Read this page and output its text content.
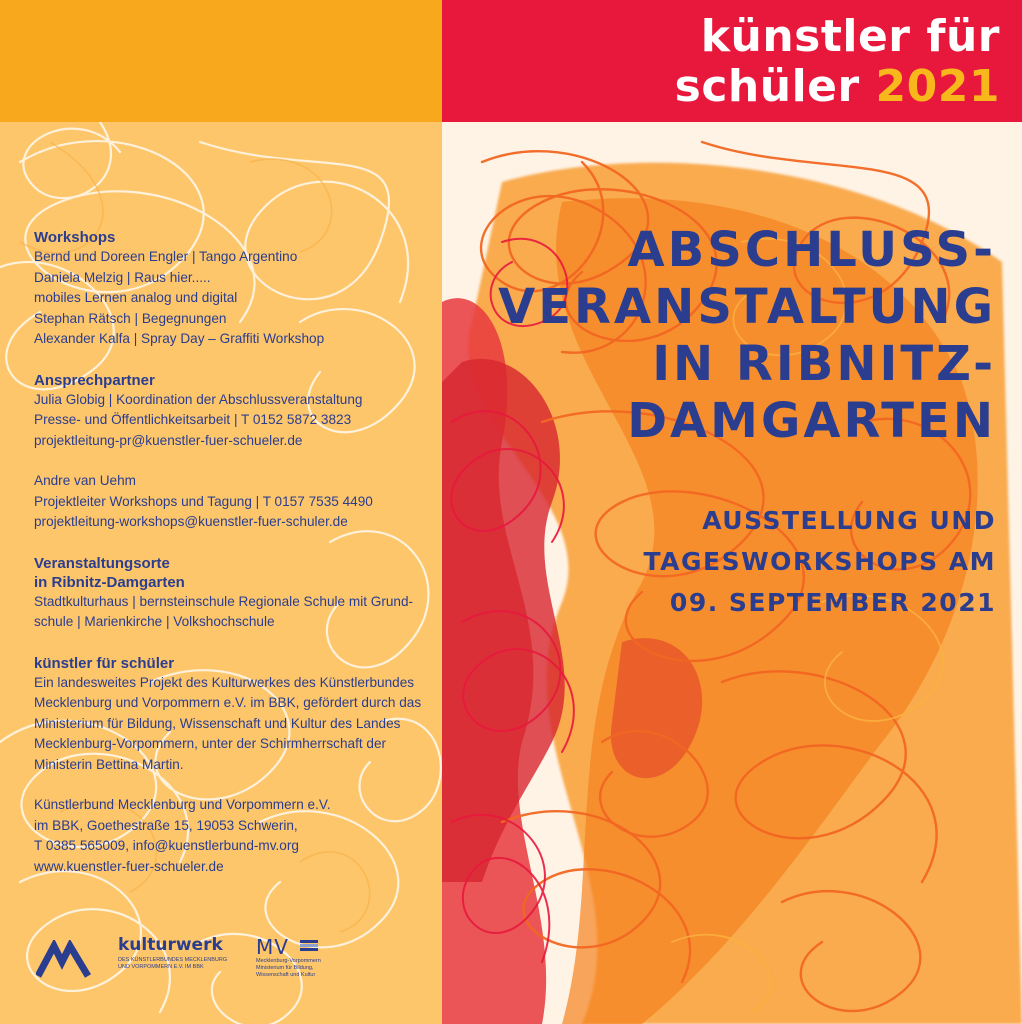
künstler für
schüler 2021
kulturwerk
DES KÜNSTLERBUNDES MECKLENBURG UND VORPOMMERN E.V. IM BBK
MV
Mecklenburg-Vorpommern Ministerium für Bildung, Wissenschaft und Kultur
ABSCHLUSS-
VERANSTALTUNG
IN RIBNITZ-
DAMGARTEN
AUSSTELLUNG UND
TAGESWORKSHOPS AM
09. SEPTEMBER 2021

Workshops

Bernd und Doreen Engler | Tango Argentino

Daniela Melzig | Raus hier.....

mobiles Lernen analog und digital

Stephan Rätsch | Begegnungen

Alexander Kalfa | Spray Day – Graffiti Workshop

Ansprechpartner

Julia Globig | Koordination der Abschlussveranstaltung

Presse- und Öffentlichkeitsarbeit | T 0152 5872 3823

projektleitung-pr@kuenstler-fuer-schueler.de

Andre van Uehm

Projektleiter Workshops und Tagung | T 0157 7535 4490

projektleitung-workshops@kuenstler-fuer-schuler.de

Veranstaltungsorte

in Ribnitz-Damgarten

Stadtkulturhaus | bernsteinschule Regionale Schule mit Grund-

schule | Marienkirche | Volkshochschule

künstler für schüler

Ein landesweites Projekt des Kulturwerkes des Künstlerbundes

Mecklenburg und Vorpommern e.V. im BBK, gefördert durch das

Ministerium für Bildung, Wissenschaft und Kultur des Landes

Mecklenburg-Vorpommern, unter der Schirmherrschaft der

Ministerin Bettina Martin.

Künstlerbund Mecklenburg und Vorpommern e.V.

im BBK, Goethestraße 15, 19053 Schwerin,

T 0385 565009, info@kuenstlerbund-mv.org

www.kuenstler-fuer-schueler.de
